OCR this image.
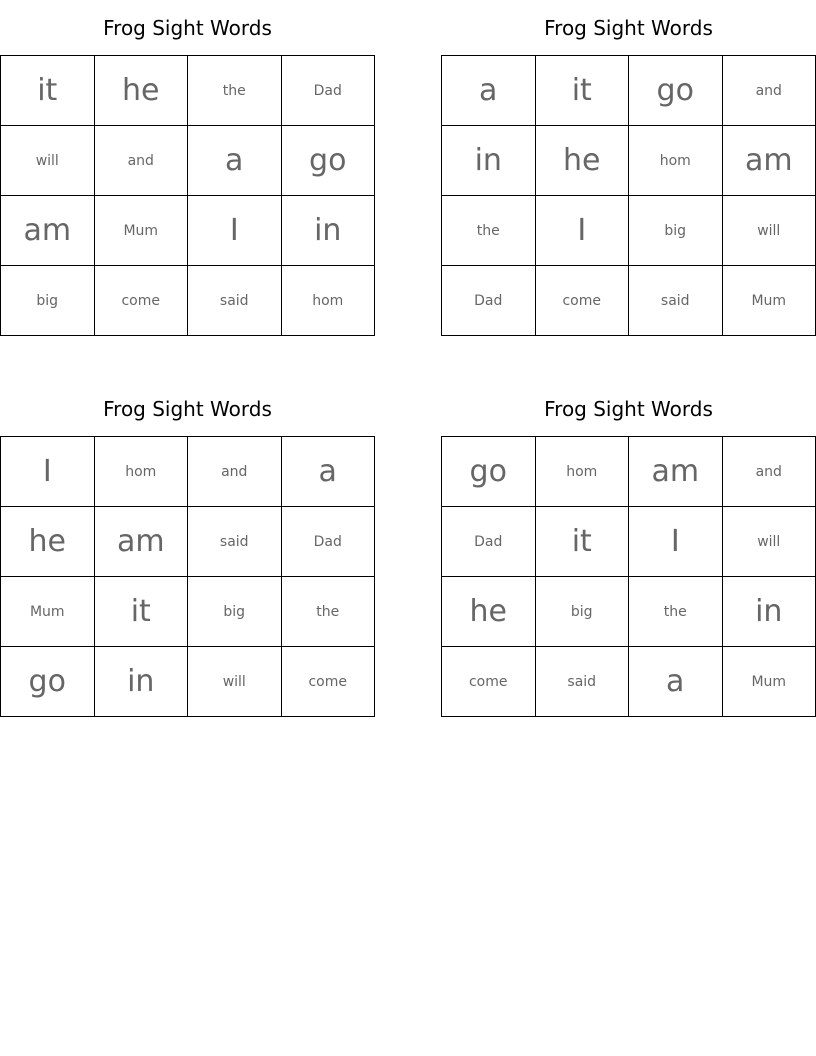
Frog Sight Words
it	he	the	Dad
will	and	a	go
am	Mum	I	in
big	come	said	hom
Frog Sight Words
a	it	go	and
in	he	hom	am
the	I	big	will
Dad	come	said	Mum
Frog Sight Words
I	hom	and	a
he	am	said	Dad
Mum	it	big	the
go	in	will	come
Frog Sight Words
go	hom	am	and
Dad	it	I	will
he	big	the	in
come	said	a	Mum
